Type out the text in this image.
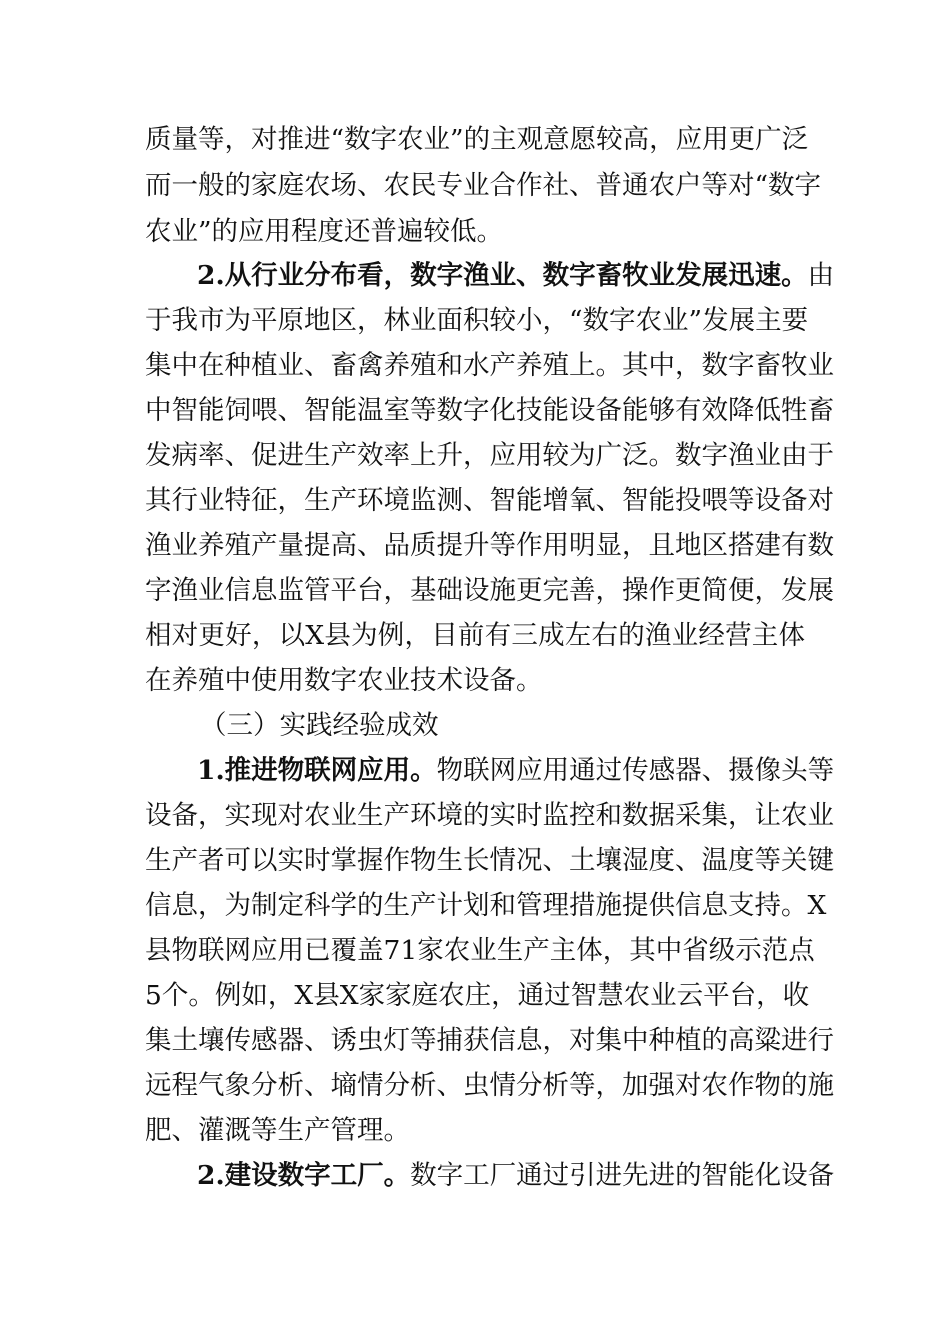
质量等，对推进“数字农业”的主观意愿较高，应用更广泛
而一般的家庭农场、农民专业合作社、普通农户等对“数字
农业”的应用程度还普遍较低。
2.从行业分布看，数字渔业、数字畜牧业发展迅速。由
于我市为平原地区，林业面积较小，“数字农业”发展主要
集中在种植业、畜禽养殖和水产养殖上。其中，数字畜牧业
中智能饲喂、智能温室等数字化技能设备能够有效降低牲畜
发病率、促进生产效率上升，应用较为广泛。数字渔业由于
其行业特征，生产环境监测、智能增氧、智能投喂等设备对
渔业养殖产量提高、品质提升等作用明显，且地区搭建有数
字渔业信息监管平台，基础设施更完善，操作更简便，发展
相对更好，以X县为例，目前有三成左右的渔业经营主体
在养殖中使用数字农业技术设备。
（三）实践经验成效
1.推进物联网应用。物联网应用通过传感器、摄像头等
设备，实现对农业生产环境的实时监控和数据采集，让农业
生产者可以实时掌握作物生长情况、土壤湿度、温度等关键
信息，为制定科学的生产计划和管理措施提供信息支持。X
县物联网应用已覆盖71家农业生产主体，其中省级示范点
5个。例如，X县X家家庭农庄，通过智慧农业云平台，收
集土壤传感器、诱虫灯等捕获信息，对集中种植的高粱进行
远程气象分析、墒情分析、虫情分析等，加强对农作物的施
肥、灌溉等生产管理。
2.建设数字工厂。数字工厂通过引进先进的智能化设备
